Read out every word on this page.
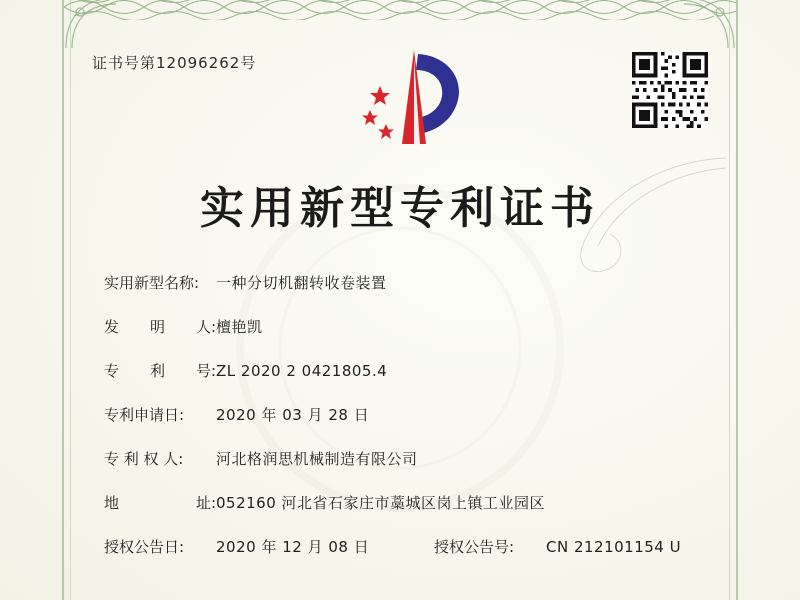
证书号第12096262号
实用新型专利证书
实用新型名称:	一种分切机翻转收卷装置
发 明 人: 檀艳凯
专 利 号: ZL 2020 2 0421805.4
专利申请日:	2020 年 03 月 28 日
专 利 权 人:	河北格润思机械制造有限公司
地	址: 052160 河北省石家庄市藁城区岗上镇工业园区
授权公告日:	2020 年 12 月 08 日	授权公告号:	CN 212101154 U
